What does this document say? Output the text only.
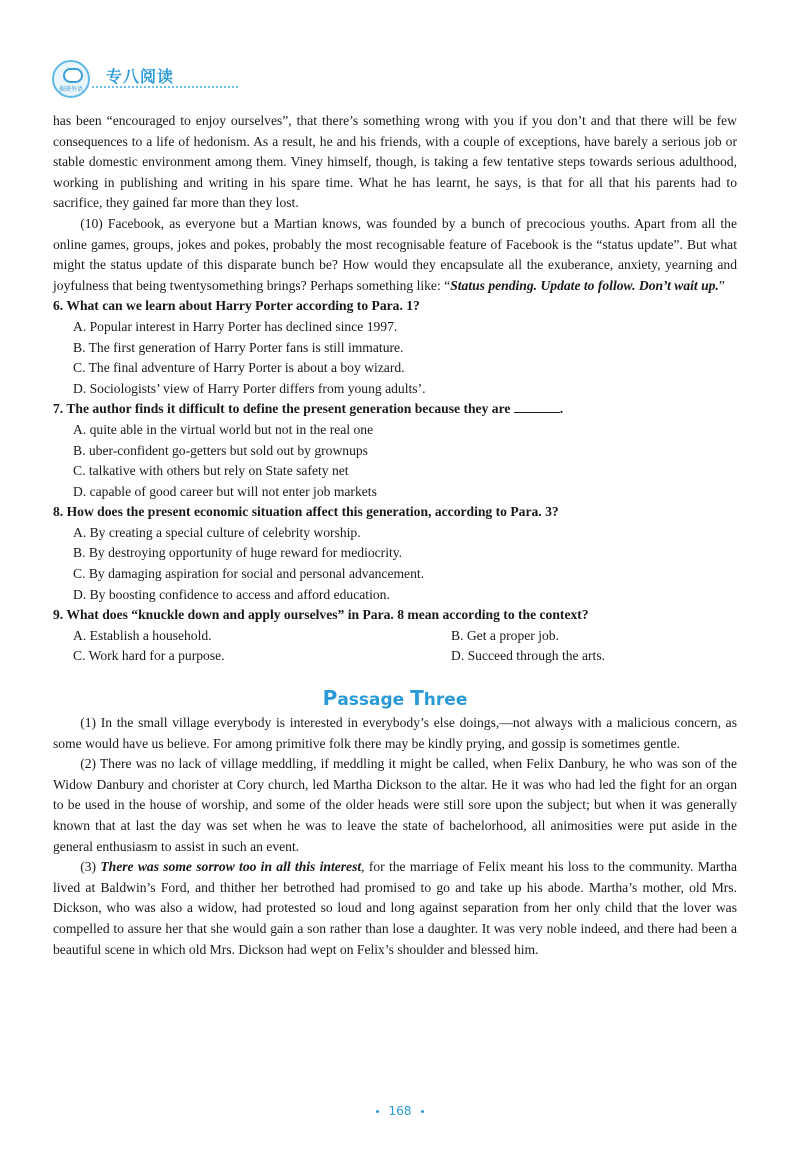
振研外语
专八阅读

has been “encouraged to enjoy ourselves”, that there’s something wrong with you if you don’t and that there will be few consequences to a life of hedonism. As a result, he and his friends, with a couple of exceptions, have barely a serious job or stable domestic environment among them. Viney himself, though, is taking a few tentative steps towards serious adulthood, working in publishing and writing in his spare time. What he has learnt, he says, is that for all that his parents had to sacrifice, they gained far more than they lost.

(10) Facebook, as everyone but a Martian knows, was founded by a bunch of precocious youths. Apart from all the online games, groups, jokes and pokes, probably the most recognisable feature of Facebook is the “status update”. But what might the status update of this disparate bunch be? How would they encapsulate all the exuberance, anxiety, yearning and joyfulness that being twentysomething brings? Perhaps something like: “Status pending. Update to follow. Don’t wait up.”

6. What can we learn about Harry Porter according to Para. 1?

A. Popular interest in Harry Porter has declined since 1997.

B. The first generation of Harry Porter fans is still immature.

C. The final adventure of Harry Porter is about a boy wizard.

D. Sociologists’ view of Harry Porter differs from young adults’.

7. The author finds it difficult to define the present generation because they are	.

A. quite able in the virtual world but not in the real one

B. uber-confident go-getters but sold out by grownups

C. talkative with others but rely on State safety net

D. capable of good career but will not enter job markets

8. How does the present economic situation affect this generation, according to Para. 3?

A. By creating a special culture of celebrity worship.

B. By destroying opportunity of huge reward for mediocrity.

C. By damaging aspiration for social and personal advancement.

D. By boosting confidence to access and afford education.

9. What does “knuckle down and apply ourselves” in Para. 8 mean according to the context?

A. Establish a household.	B. Get a proper job.
C. Work hard for a purpose.	D. Succeed through the arts.
Passage Three

(1) In the small village everybody is interested in everybody’s else doings,—not always with a malicious concern, as some would have us believe. For among primitive folk there may be kindly prying, and gossip is sometimes gentle.

(2) There was no lack of village meddling, if meddling it might be called, when Felix Danbury, he who was son of the Widow Danbury and chorister at Cory church, led Martha Dickson to the altar. He it was who had led the fight for an organ to be used in the house of worship, and some of the older heads were still sore upon the subject; but when it was generally known that at last the day was set when he was to leave the state of bachelorhood, all animosities were put aside in the general enthusiasm to assist in such an event.

(3) There was some sorrow too in all this interest, for the marriage of Felix meant his loss to the community. Martha lived at Baldwin’s Ford, and thither her betrothed had promised to go and take up his abode. Martha’s mother, old Mrs. Dickson, who was also a widow, had protested so loud and long against separation from her only child that the lover was compelled to assure her that she would gain a son rather than lose a daughter. It was very noble indeed, and there had been a beautiful scene in which old Mrs. Dickson had wept on Felix’s shoulder and blessed him.

168
